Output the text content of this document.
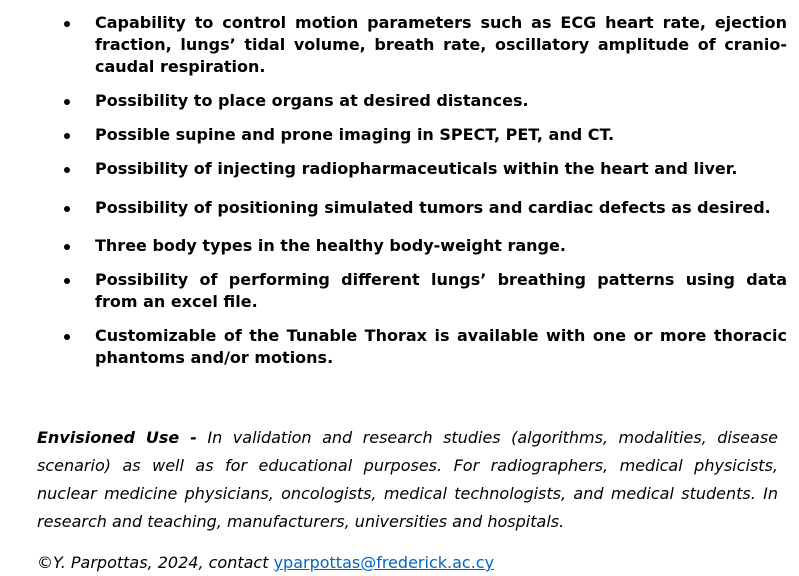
Capability to control motion parameters such as ECG heart rate, ejection fraction, lungs’ tidal volume, breath rate, oscillatory amplitude of cranio-caudal respiration.
Possibility to place organs at desired distances.
Possible supine and prone imaging in SPECT, PET, and CT.
Possibility of injecting radiopharmaceuticals within the heart and liver.
Possibility of positioning simulated tumors and cardiac defects as desired.
Three body types in the healthy body-weight range.
Possibility of performing different lungs’ breathing patterns using data from an excel file.
Customizable of the Tunable Thorax is available with one or more thoracic phantoms and/or motions.

Envisioned Use - In validation and research studies (algorithms, modalities, disease scenario) as well as for educational purposes. For radiographers, medical physicists, nuclear medicine physicians, oncologists, medical technologists, and medical students. In research and teaching, manufacturers, universities and hospitals.

©Y. Parpottas, 2024, contact yparpottas@frederick.ac.cy
